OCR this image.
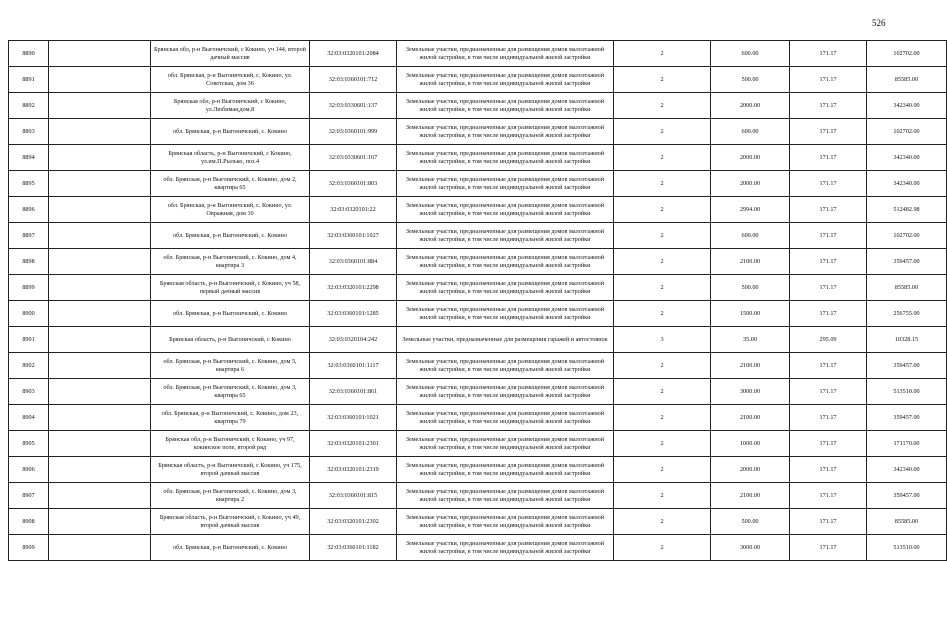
526
8890		Брянская обл, р-н Выгоничский, с Кокино, уч 144, второй дачный массив	32:03:0320101:2084	Земельные участки, предназначенные для размещения домов малоэтажной жилой застройки, в том числе индивидуальной жилой застройки	2	600.00	171.17	102702.00
8891		обл. Брянская, р-н Выгоничский, с. Кокино, ул. Советская, дом 36	32:03:0360101:712	Земельные участки, предназначенные для размещения домов малоэтажной жилой застройки, в том числе индивидуальной жилой застройки	2	500.00	171.17	85585.00
8892		Брянская обл, р-н Выгоничский, с Кокино, ул.Любимая,дом.8	32:03:0330601:137	Земельные участки, предназначенные для размещения домов малоэтажной жилой застройки, в том числе индивидуальной жилой застройки	2	2000.00	171.17	342340.00
8893		обл. Брянская, р-н Выгоничский, с. Кокино	32:03:0360101:999	Земельные участки, предназначенные для размещения домов малоэтажной жилой застройки, в том числе индивидуальной жилой застройки	2	600.00	171.17	102702.00
8894		Брянская область, р-н Выгоничский, с Кокино, ул.им.П.Рылько, поз.4	32:03:0330601:167	Земельные участки, предназначенные для размещения домов малоэтажной жилой застройки, в том числе индивидуальной жилой застройки	2	2000.00	171.17	342340.00
8895		обл. Брянская, р-н Выгоничский, с. Кокино, дом 2, квартира 65	32:03:0360101:803	Земельные участки, предназначенные для размещения домов малоэтажной жилой застройки, в том числе индивидуальной жилой застройки	2	2000.00	171.17	342340.00
8896		обл. Брянская, р-н Выгоничский, с. Кокино, ул. Овражная, дом 10	32:03:0320101:22	Земельные участки, предназначенные для размещения домов малоэтажной жилой застройки, в том числе индивидуальной жилой застройки	2	2994.00	171.17	512482.98
8897		обл. Брянская, р-н Выгоничский, с. Кокино	32:03:0360101:1027	Земельные участки, предназначенные для размещения домов малоэтажной жилой застройки, в том числе индивидуальной жилой застройки	2	600.00	171.17	102702.00
8898		обл. Брянская, р-н Выгоничский, с. Кокино, дом 4, квартира 3	32:03:0360101:884	Земельные участки, предназначенные для размещения домов малоэтажной жилой застройки, в том числе индивидуальной жилой застройки	2	2100.00	171.17	359457.00
8899		Брянская область, р-н Выгоничский, с Кокино, уч 58, первый дачный массив	32:03:0320101:2298	Земельные участки, предназначенные для размещения домов малоэтажной жилой застройки, в том числе индивидуальной жилой застройки	2	500.00	171.17	85585.00
8900		обл. Брянская, р-н Выгоничский, с. Кокино	32:03:0360101:1285	Земельные участки, предназначенные для размещения домов малоэтажной жилой застройки, в том числе индивидуальной жилой застройки	2	1500.00	171.17	256755.00
8901		Брянская область, р-н Выгоничский, с Кокино	32:03:0320104:242	Земельные участки, предназначенные для размещения гаражей и автостоянок	3	35.00	295.09	10328.15
8902		обл. Брянская, р-н Выгоничский, с. Кокино, дом 5, квартира 6	32:03:0360101:1117	Земельные участки, предназначенные для размещения домов малоэтажной жилой застройки, в том числе индивидуальной жилой застройки	2	2100.00	171.17	359457.00
8903		обл. Брянская, р-н Выгоничский, с. Кокино, дом 3, квартира 65	32:03:0360101:861	Земельные участки, предназначенные для размещения домов малоэтажной жилой застройки, в том числе индивидуальной жилой застройки	2	3000.00	171.17	513510.00
8904		обл. Брянская, р-н Выгоничский, с. Кокино, дом 23, квартира 79	32:03:0360101:1021	Земельные участки, предназначенные для размещения домов малоэтажной жилой застройки, в том числе индивидуальной жилой застройки	2	2100.00	171.17	359457.00
8905		Брянская обл, р-н Выгоничский, с Кокино, уч 97, кокинское поле, второй ряд	32:03:0320101:2301	Земельные участки, предназначенные для размещения домов малоэтажной жилой застройки, в том числе индивидуальной жилой застройки	2	1000.00	171.17	171170.00
8906		Брянская область, р-н Выгоничский, с Кокино, уч 175, второй дачный массив	32:03:0320101:2319	Земельные участки, предназначенные для размещения домов малоэтажной жилой застройки, в том числе индивидуальной жилой застройки	2	2000.00	171.17	342340.00
8907		обл. Брянская, р-н Выгоничский, с. Кокино, дом 3, квартира 2	32:03:0360101:815	Земельные участки, предназначенные для размещения домов малоэтажной жилой застройки, в том числе индивидуальной жилой застройки	2	2100.00	171.17	359457.00
8908		Брянская область, р-н Выгоничский, с Кокино, уч 49, второй дачный массив	32:03:0320101:2302	Земельные участки, предназначенные для размещения домов малоэтажной жилой застройки, в том числе индивидуальной жилой застройки	2	500.00	171.17	85585.00
8909		обл. Брянская, р-н Выгоничский, с. Кокино	32:03:0360101:1182	Земельные участки, предназначенные для размещения домов малоэтажной жилой застройки, в том числе индивидуальной жилой застройки	2	3000.00	171.17	513510.00
